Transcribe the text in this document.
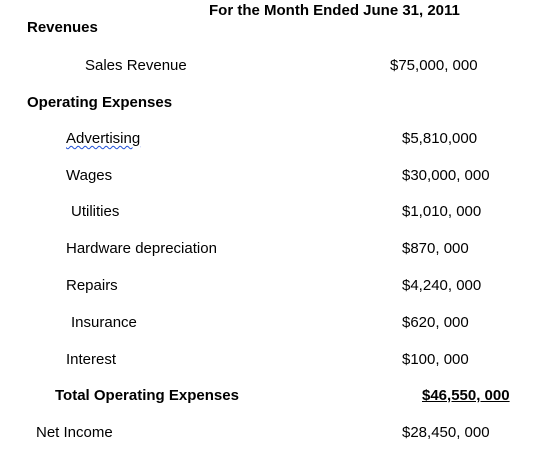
For the Month Ended June 31, 2011
Revenues
Sales Revenue	$75,000, 000
Operating Expenses
Advertising	$5,810,000
Wages	$30,000, 000
Utilities	$1,010, 000
Hardware depreciation	$870, 000
Repairs	$4,240, 000
Insurance	$620, 000
Interest	$100, 000
Total Operating Expenses	$46,550, 000
Net Income	$28,450, 000
